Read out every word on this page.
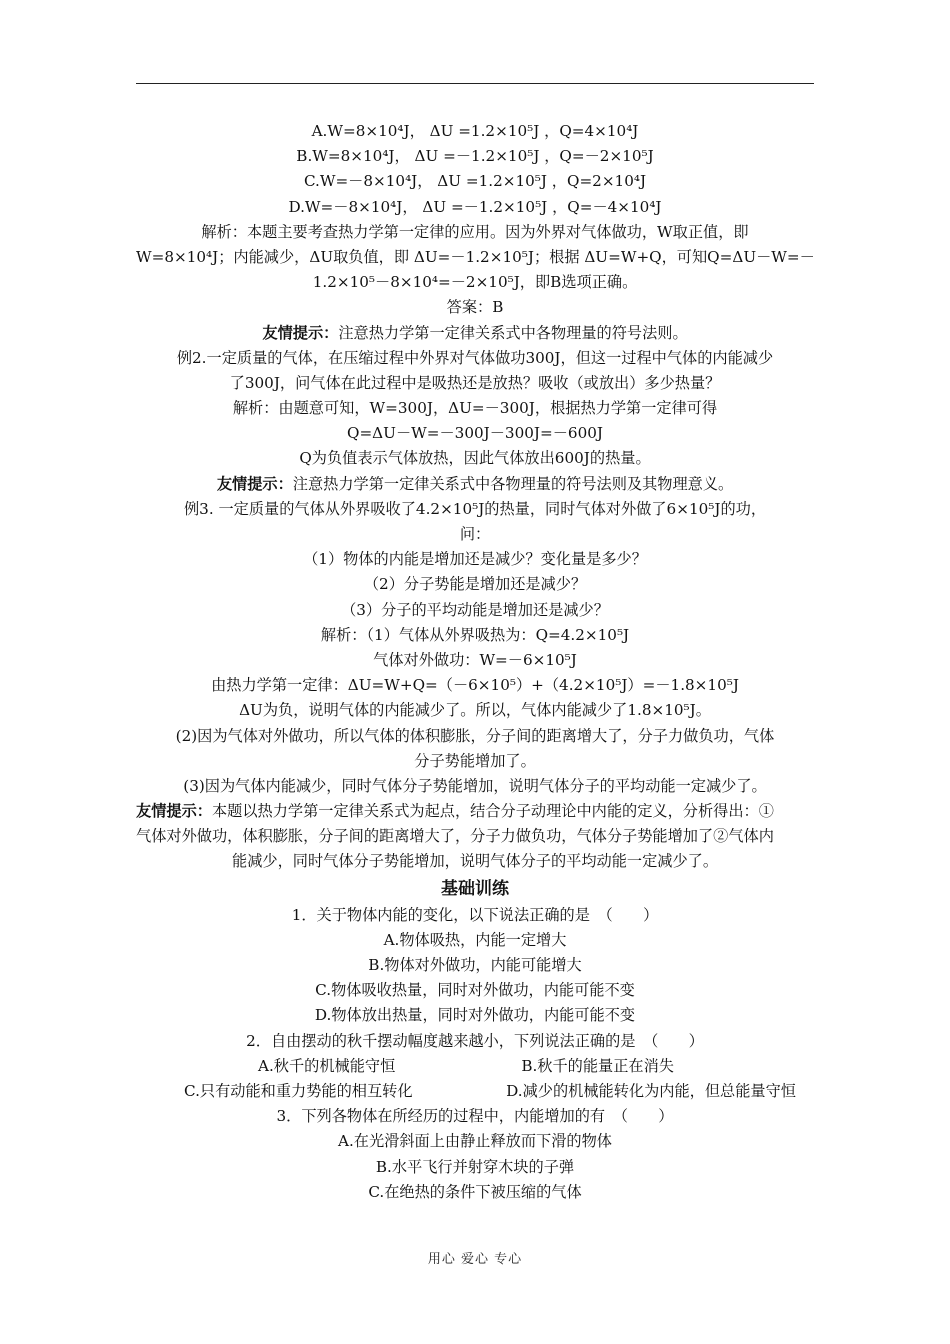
A.W=8×10⁴J， ΔU =1.2×10⁵J ，Q=4×10⁴J
B.W=8×10⁴J， ΔU =－1.2×10⁵J ，Q=－2×10⁵J
C.W=－8×10⁴J， ΔU =1.2×10⁵J ，Q=2×10⁴J
D.W=－8×10⁴J， ΔU =－1.2×10⁵J ，Q=－4×10⁴J
解析：本题主要考查热力学第一定律的应用。因为外界对气体做功，W取正值，即
W=8×10⁴J；内能减少，ΔU取负值，即 ΔU=－1.2×10⁵J；根据 ΔU=W+Q，可知Q=ΔU－W=－
1.2×10⁵－8×10⁴=－2×10⁵J，即B选项正确。
答案：B
友情提示：注意热力学第一定律关系式中各物理量的符号法则。
例2.一定质量的气体，在压缩过程中外界对气体做功300J，但这一过程中气体的内能减少
了300J，问气体在此过程中是吸热还是放热？吸收（或放出）多少热量？
解析：由题意可知，W=300J，ΔU=－300J，根据热力学第一定律可得
Q=ΔU－W=－300J－300J=－600J
Q为负值表示气体放热，因此气体放出600J的热量。
友情提示：注意热力学第一定律关系式中各物理量的符号法则及其物理意义。
例3. 一定质量的气体从外界吸收了4.2×10⁵J的热量，同时气体对外做了6×10⁵J的功，
问：
（1）物体的内能是增加还是减少？变化量是多少？
（2）分子势能是增加还是减少？
（3）分子的平均动能是增加还是减少？
解析：（1）气体从外界吸热为：Q=4.2×10⁵J
气体对外做功：W=－6×10⁵J
由热力学第一定律：ΔU=W+Q=（－6×10⁵）+（4.2×10⁵J）=－1.8×10⁵J
ΔU为负，说明气体的内能减少了。所以，气体内能减少了1.8×10⁵J。
(2)因为气体对外做功，所以气体的体积膨胀，分子间的距离增大了，分子力做负功，气体
分子势能增加了。
(3)因为气体内能减少，同时气体分子势能增加，说明气体分子的平均动能一定减少了。
友情提示：本题以热力学第一定律关系式为起点，结合分子动理论中内能的定义，分析得出：①
气体对外做功，体积膨胀，分子间的距离增大了，分子力做负功，气体分子势能增加了②气体内
能减少，同时气体分子势能增加，说明气体分子的平均动能一定减少了。
基础训练
1．关于物体内能的变化，以下说法正确的是　（　　）
A.物体吸热，内能一定增大
B.物体对外做功，内能可能增大
C.物体吸收热量，同时对外做功，内能可能不变
D.物体放出热量，同时对外做功，内能可能不变
2．自由摆动的秋千摆动幅度越来越小，下列说法正确的是　（　　）
A.秋千的机械能守恒	B.秋千的能量正在消失
C.只有动能和重力势能的相互转化	D.减少的机械能转化为内能，但总能量守恒
3．下列各物体在所经历的过程中，内能增加的有　（　　）
A.在光滑斜面上由静止释放而下滑的物体
B.水平飞行并射穿木块的子弹
C.在绝热的条件下被压缩的气体
用心 爱心 专心
